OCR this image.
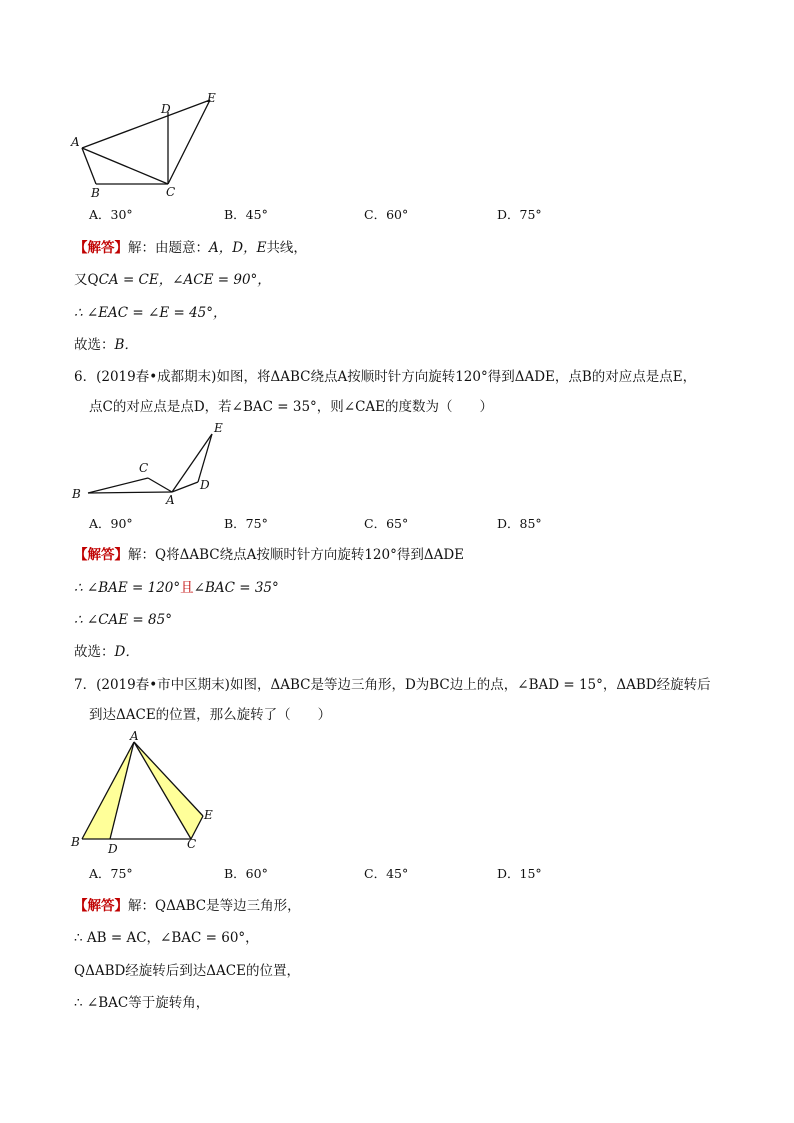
A
B	C
D
E
A．30°	B．45°	C．60°	D．75°
【解答】解：由题意：A，D，E共线，
又QCA = CE，∠ACE = 90°，
∴ ∠EAC = ∠E = 45°，
故选：B．
6．(2019春•成都期末)如图，将ΔABC绕点A按顺时针方向旋转120°得到ΔADE，点B的对应点是点E，
点C的对应点是点D，若∠BAC = 35°，则∠CAE的度数为（　　）
B
C
A
D
E
A．90°	B．75°	C．65°	D．85°
【解答】解：Q将ΔABC绕点A按顺时针方向旋转120°得到ΔADE
∴ ∠BAE = 120°且∠BAC = 35°
∴ ∠CAE = 85°
故选：D．
7．(2019春•市中区期末)如图，ΔABC是等边三角形，D为BC边上的点，∠BAD = 15°，ΔABD经旋转后
到达ΔACE的位置，那么旋转了（　　）
A
B D	C
E
A．75°	B．60°	C．45°	D．15°
【解答】解：QΔABC是等边三角形，
∴ AB = AC，∠BAC = 60°，
QΔABD经旋转后到达ΔACE的位置，
∴ ∠BAC等于旋转角，
